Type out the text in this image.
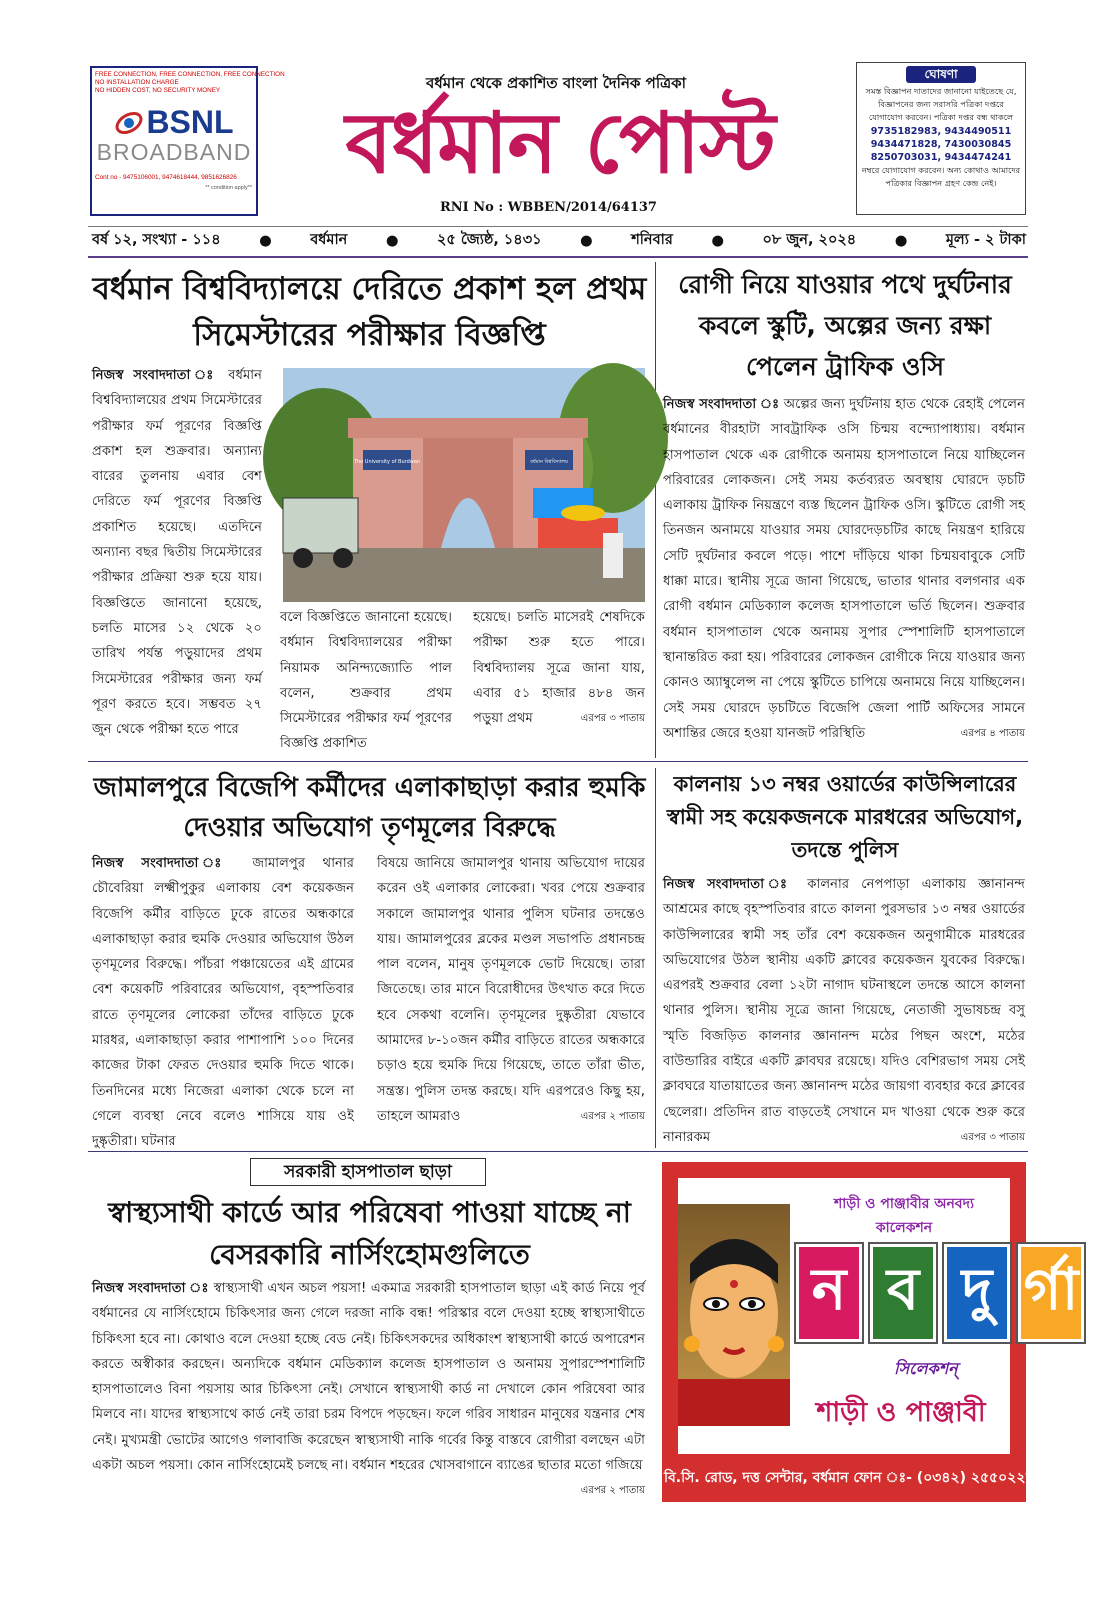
FREE CONNECTION, FREE CONNECTION, FREE CONNECTION
NO INSTALLATION CHARGE
NO HIDDEN COST, NO SECURITY MONEY
BSNL
BROADBAND
Cont no - 9475106001, 9474618444, 9851626826
** condition apply**
বর্ধমান থেকে প্রকাশিত বাংলা দৈনিক পত্রিকা
বর্ধমান পোস্ট
RNI No : WBBEN/2014/64137
ঘোষণা
সমস্ত বিজ্ঞাপন দাতাদের জানানো যাইতেছে যে, বিজ্ঞাপনের জন্য সরাসরি পত্রিকা দপ্তরে যোগাযোগ করবেন। পত্রিকা দপ্তর বন্ধ থাকলে
9735182983, 9434490511
9434471828, 7430030845
8250703031, 9434474241
নম্বরে যোগাযোগ করবেন। অন্য কোথাও আমাদের পত্রিকার বিজ্ঞাপন গ্রহণ কেন্দ্র নেই।
বর্ষ ১২, সংখ্যা - ১১৪	●	বর্ধমান	●	২৫ জ্যৈষ্ঠ, ১৪৩১	●	শনিবার	●	০৮ জুন, ২০২৪	●	মূল্য - ২ টাকা
বর্ধমান বিশ্ববিদ্যালয়ে দেরিতে প্রকাশ হল প্রথম সিমেস্টারের পরীক্ষার বিজ্ঞপ্তি
নিজস্ব সংবাদদাতা ঃ বর্ধমান বিশ্ববিদ্যালয়ের প্রথম সিমেস্টারের পরীক্ষার ফর্ম পূরণের বিজ্ঞপ্তি প্রকাশ হল শুক্রবার। অন্যান্য বারের তুলনায় এবার বেশ দেরিতে ফর্ম পূরণের বিজ্ঞপ্তি প্রকাশিত হয়েছে। এতদিনে অন্যান্য বছর দ্বিতীয় সিমেস্টারের পরীক্ষার প্রক্রিয়া শুরু হয়ে যায়। বিজ্ঞপ্তিতে জানানো হয়েছে, চলতি মাসের ১২ থেকে ২০ তারিখ পর্যন্ত পড়ুয়াদের প্রথম সিমেস্টারের পরীক্ষার জন্য ফর্ম পূরণ করতে হবে। সম্ভবত ২৭ জুন থেকে পরীক্ষা হতে পারে
The University of Burdwan	বর্ধমান বিশ্ববিদ্যালয়
বলে বিজ্ঞপ্তিতে জানানো হয়েছে। বর্ধমান বিশ্ববিদ্যালয়ের পরীক্ষা নিয়ামক অনিন্দ্যজ্যোতি পাল বলেন, শুক্রবার প্রথম সিমেস্টারের পরীক্ষার ফর্ম পূরণের বিজ্ঞপ্তি প্রকাশিত
হয়েছে। চলতি মাসেরই শেষদিকে পরীক্ষা শুরু হতে পারে। বিশ্ববিদ্যালয় সূত্রে জানা যায়, এবার ৫১ হাজার ৪৮৪ জন পড়ুয়া প্রথম	এরপর ৩ পাতায়
রোগী নিয়ে যাওয়ার পথে দুর্ঘটনার কবলে স্কুটি, অল্পের জন্য রক্ষা পেলেন ট্রাফিক ওসি
নিজস্ব সংবাদদাতা ঃ অল্পের জন্য দুর্ঘটনায় হাত থেকে রেহাই পেলেন বর্ধমানের বীরহাটা সাবট্রাফিক ওসি চিন্ময় বন্দ্যোপাধ্যায়। বর্ধমান হাসপাতাল থেকে এক রোগীকে অনাময় হাসপাতালে নিয়ে যাচ্ছিলেন পরিবারের লোকজন। সেই সময় কর্তব্যরত অবস্থায় ঘোরদে ড়চটি এলাকায় ট্রাফিক নিয়ন্ত্রণে ব্যস্ত ছিলেন ট্রাফিক ওসি। স্কুটিতে রোগী সহ তিনজন অনাময়ে যাওয়ার সময় ঘোরদেড়চটির কাছে নিয়ন্ত্রণ হারিয়ে সেটি দুর্ঘটনার কবলে পড়ে। পাশে দাঁড়িয়ে থাকা চিন্ময়বাবুকে সেটি ধাক্কা মারে। স্থানীয় সূত্রে জানা গিয়েছে, ভাতার থানার বলগনার এক রোগী বর্ধমান মেডিক্যাল কলেজ হাসপাতালে ভর্তি ছিলেন। শুক্রবার বর্ধমান হাসপাতাল থেকে অনাময় সুপার স্পেশালিটি হাসপাতালে স্থানান্তরিত করা হয়। পরিবারের লোকজন রোগীকে নিয়ে যাওয়ার জন্য কোনও অ্যাম্বুলেন্স না পেয়ে স্কুটিতে চাপিয়ে অনাময়ে নিয়ে যাচ্ছিলেন। সেই সময় ঘোরদে ড়চটিতে বিজেপি জেলা পার্টি অফিসের সামনে অশান্তির জেরে হওয়া যানজট পরিস্থিতি	এরপর ৪ পাতায়
জামালপুরে বিজেপি কর্মীদের এলাকাছাড়া করার হুমকি দেওয়ার অভিযোগ তৃণমূলের বিরুদ্ধে
নিজস্ব সংবাদদাতা ঃ জামালপুর থানার চৌবেরিয়া লক্ষ্মীপুকুর এলাকায় বেশ কয়েকজন বিজেপি কর্মীর বাড়িতে ঢুকে রাতের অন্ধকারে এলাকাছাড়া করার হুমকি দেওয়ার অভিযোগ উঠল তৃণমূলের বিরুদ্ধে। পাঁচরা পঞ্চায়েতের এই গ্রামের বেশ কয়েকটি পরিবারের অভিযোগ, বৃহস্পতিবার রাতে তৃণমূলের লোকেরা তাঁদের বাড়িতে ঢুকে মারধর, এলাকাছাড়া করার পাশাপাশি ১০০ দিনের কাজের টাকা ফেরত দেওয়ার হুমকি দিতে থাকে। তিনদিনের মধ্যে নিজেরা এলাকা থেকে চলে না গেলে ব্যবস্থা নেবে বলেও শাসিয়ে যায় ওই দুষ্কৃতীরা। ঘটনার
বিষয়ে জানিয়ে জামালপুর থানায় অভিযোগ দায়ের করেন ওই এলাকার লোকেরা। খবর পেয়ে শুক্রবার সকালে জামালপুর থানার পুলিস ঘটনার তদন্তেও যায়। জামালপুরের ব্লকের মণ্ডল সভাপতি প্রধানচন্দ্র পাল বলেন, মানুষ তৃণমূলকে ভোট দিয়েছে। তারা জিতেছে। তার মানে বিরোধীদের উৎখাত করে দিতে হবে সেকথা বলেনি। তৃণমূলের দুষ্কৃতীরা যেভাবে আমাদের ৮-১০জন কর্মীর বাড়িতে রাতের অন্ধকারে চড়াও হয়ে হুমকি দিয়ে গিয়েছে, তাতে তাঁরা ভীত, সন্ত্রস্ত। পুলিস তদন্ত করছে। যদি এরপরেও কিছু হয়, তাহলে আমরাও	এরপর ২ পাতায়
কালনায় ১৩ নম্বর ওয়ার্ডের কাউন্সিলারের স্বামী সহ কয়েকজনকে মারধরের অভিযোগ, তদন্তে পুলিস
নিজস্ব সংবাদদাতা ঃ কালনার নেপপাড়া এলাকায় জ্ঞানানন্দ আশ্রমের কাছে বৃহস্পতিবার রাতে কালনা পুরসভার ১৩ নম্বর ওয়ার্ডের কাউন্সিলারের স্বামী সহ তাঁর বেশ কয়েকজন অনুগামীকে মারধরের অভিযোগের উঠল স্থানীয় একটি ক্লাবের কয়েকজন যুবকের বিরুদ্ধে। এরপরই শুক্রবার বেলা ১২টা নাগাদ ঘটনাস্থলে তদন্তে আসে কালনা থানার পুলিস। স্থানীয় সূত্রে জানা গিয়েছে, নেতাজী সুভাষচন্দ্র বসু স্মৃতি বিজড়িত কালনার জ্ঞানানন্দ মঠের পিছন অংশে, মঠের বাউন্ডারির বাইরে একটি ক্লাবঘর রয়েছে। যদিও বেশিরভাগ সময় সেই ক্লাবঘরে যাতায়াতের জন্য জ্ঞানানন্দ মঠের জায়গা ব্যবহার করে ক্লাবের ছেলেরা। প্রতিদিন রাত বাড়তেই সেখানে মদ খাওয়া থেকে শুরু করে নানারকম	এরপর ৩ পাতায়
সরকারী হাসপাতাল ছাড়া
স্বাস্থ্যসাথী কার্ডে আর পরিষেবা পাওয়া যাচ্ছে না বেসরকারি নার্সিংহোমগুলিতে
নিজস্ব সংবাদদাতা ঃ স্বাস্থ্যসাথী এখন অচল পয়সা! একমাত্র সরকারী হাসপাতাল ছাড়া এই কার্ড নিয়ে পূর্ব বর্ধমানের যে নার্সিংহোমে চিকিৎসার জন্য গেলে দরজা নাকি বন্ধ! পরিস্কার বলে দেওয়া হচ্ছে স্বাস্থ্যসাথীতে চিকিৎসা হবে না। কোথাও বলে দেওয়া হচ্ছে বেড নেই। চিকিৎসকদের অধিকাংশ স্বাস্থ্যসাথী কার্ডে অপারেশন করতে অস্বীকার করছেন। অন্যদিকে বর্ধমান মেডিক্যাল কলেজ হাসপাতাল ও অনাময় সুপারস্পেশালিটি হাসপাতালেও বিনা পয়সায় আর চিকিৎসা নেই। সেখানে স্বাস্থ্যসাথী কার্ড না দেখালে কোন পরিষেবা আর মিলবে না। যাদের স্বাস্থ্যসাথে কার্ড নেই তারা চরম বিপদে পড়ছেন। ফলে গরিব সাধারন মানুষের যন্ত্রনার শেষ নেই। মুখ্যমন্ত্রী ভোটের আগেও গলাবাজি করেছেন স্বাস্থ্যসাথী নাকি গর্বের কিন্তু বাস্তবে রোগীরা বলছেন এটা একটা অচল পয়সা। কোন নার্সিংহোমেই চলছে না। বর্ধমান শহরের খোসবাগানে ব্যাঙের ছাতার মতো গজিয়ে
এরপর ২ পাতায়
শাড়ী ও পাঞ্জাবীর অনবদ্য কালেকশন
ন ব দু র্গা
সিলেকশন্
শাড়ী ও পাঞ্জাবী
বি.সি. রোড, দত্ত সেন্টার, বর্ধমান ফোন ঃ- (০৩৪২) ২৫৫০২২৮
